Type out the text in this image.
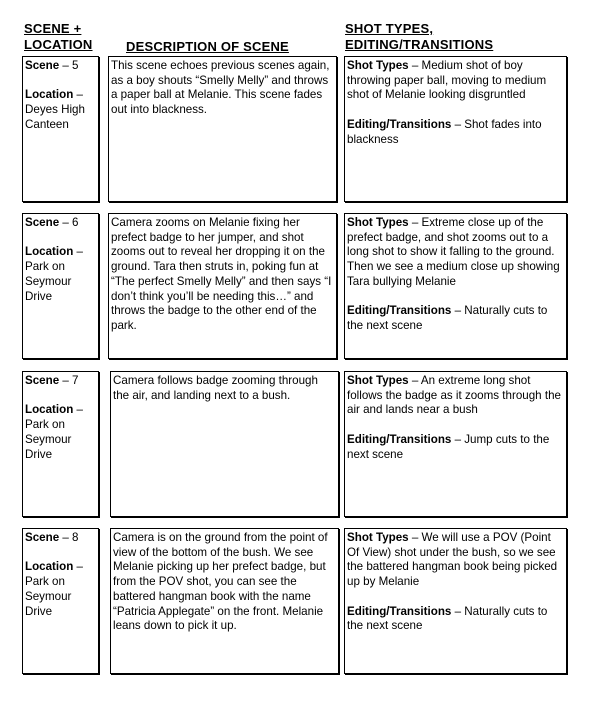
SCENE +
LOCATION	DESCRIPTION OF SCENE
SHOT TYPES,
EDITING/TRANSITIONS
Scene – 5
Location –
Deyes High Canteen
This scene echoes previous scenes again, as a boy shouts “Smelly Melly” and throws a paper ball at Melanie. This scene fades out into blackness.
Shot Types – Medium shot of boy throwing paper ball, moving to medium shot of Melanie looking disgruntled
Editing/Transitions – Shot fades into blackness
Scene – 6
Location –
Park on Seymour Drive
Camera zooms on Melanie fixing her prefect badge to her jumper, and shot zooms out to reveal her dropping it on the ground. Tara then struts in, poking fun at “The perfect Smelly Melly” and then says “I don’t think you’ll be needing this…” and throws the badge to the other end of the park.
Shot Types – Extreme close up of the prefect badge, and shot zooms out to a long shot to show it falling to the ground. Then we see a medium close up showing Tara bullying Melanie
Editing/Transitions – Naturally cuts to the next scene
Scene – 7
Location –
Park on Seymour Drive
Camera follows badge zooming through the air, and landing next to a bush.
Shot Types – An extreme long shot follows the badge as it zooms through the air and lands near a bush
Editing/Transitions – Jump cuts to the next scene
Scene – 8
Location –
Park on Seymour Drive
Camera is on the ground from the point of view of the bottom of the bush. We see Melanie picking up her prefect badge, but from the POV shot, you can see the battered hangman book with the name “Patricia Applegate” on the front. Melanie leans down to pick it up.
Shot Types – We will use a POV (Point Of View) shot under the bush, so we see the battered hangman book being picked up by Melanie
Editing/Transitions – Naturally cuts to the next scene
